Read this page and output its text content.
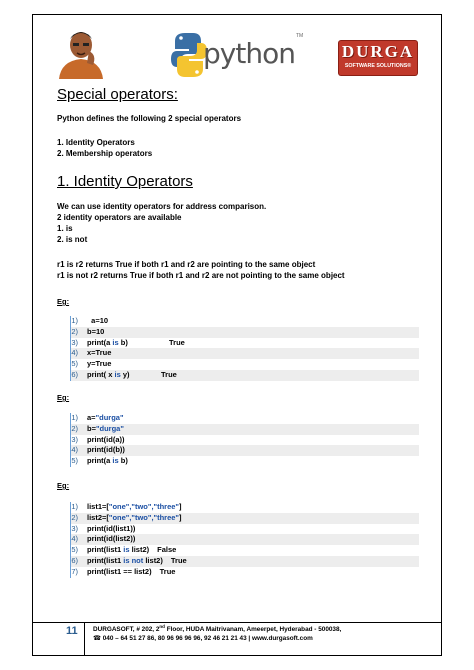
python
TM
DURGA
SOFTWARE SOLUTIONS®
Special operators:
Python defines the following 2 special operators
1. Identity Operators
2. Membership operators
1. Identity Operators
We can use identity operators for address comparison.
2 identity operators are available
1. is
2. is not
r1 is r2 returns True if both r1 and r2 are pointing to the same object
r1 is not r2 returns True if both r1 and r2 are not pointing to the same object
Eg:
1) a=10
2) b=10
3) print(a is b)	True
4) x=True
5) y=True
6) print( x is y)	True
Eg:
1) a="durga"
2) b="durga"
3) print(id(a))
4) print(id(b))
5) print(a is b)
Eg:
1) list1=["one","two","three"]
2) list2=["one","two","three"]
3) print(id(list1))
4) print(id(list2))
5) print(list1 is list2) False
6) print(list1 is not list2) True
7) print(list1 == list2) True
11 DURGASOFT, # 202, 2nd Floor, HUDA Maitrivanam, Ameerpet, Hyderabad - 500038,
☎ 040 – 64 51 27 86, 80 96 96 96 96, 92 46 21 21 43 | www.durgasoft.com
